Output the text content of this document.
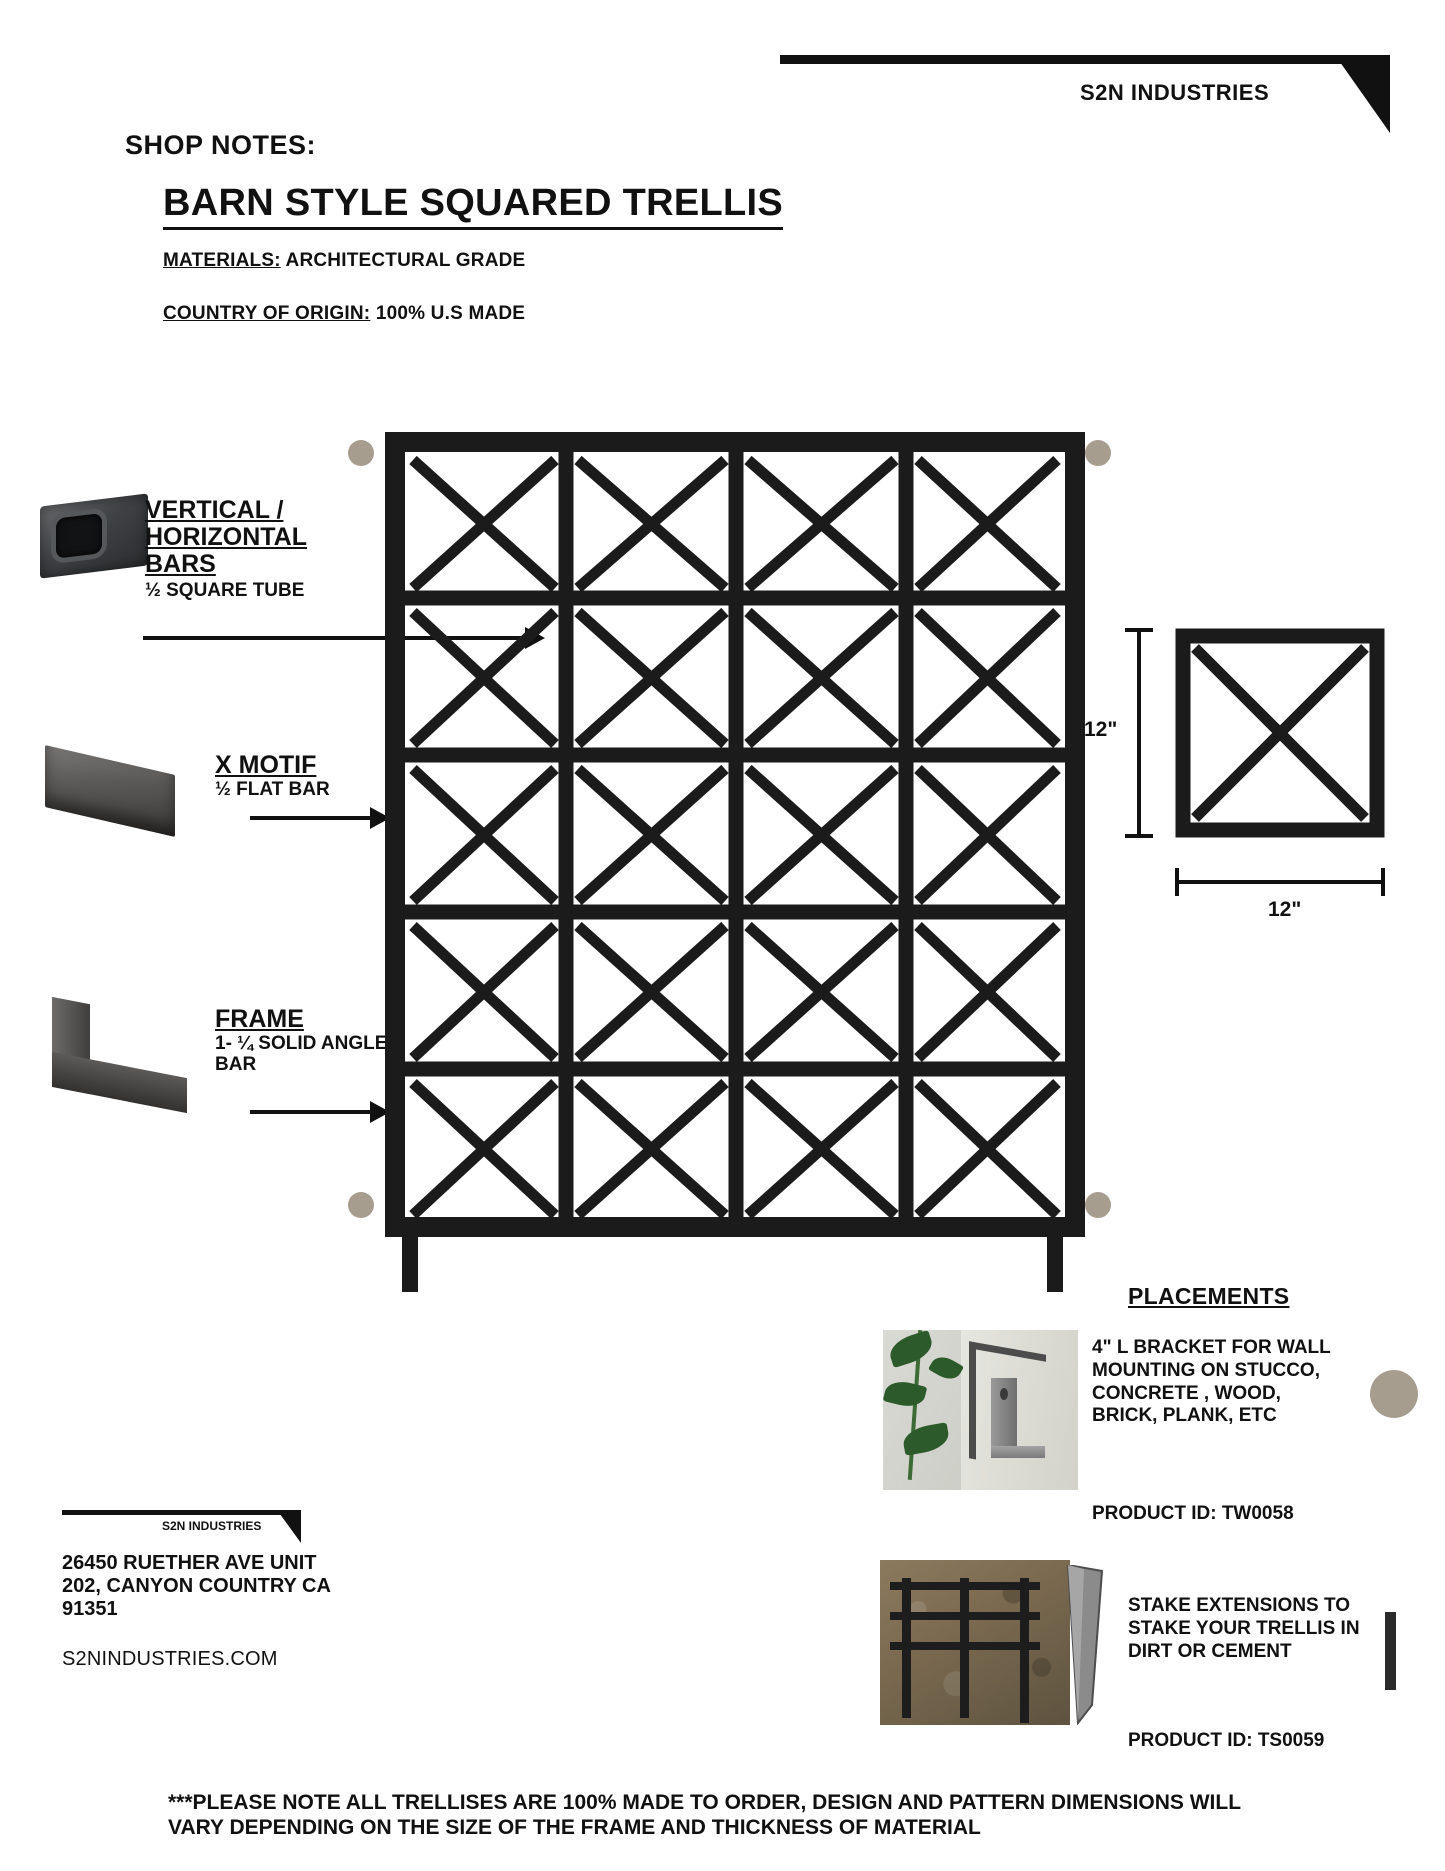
S2N INDUSTRIES
SHOP NOTES:
BARN STYLE SQUARED TRELLIS
MATERIALS: ARCHITECTURAL GRADE
COUNTRY OF ORIGIN: 100% U.S MADE
VERTICAL / HORIZONTAL BARS
½ SQUARE TUBE
X MOTIF
½ FLAT BAR
FRAME
1- ¼ SOLID ANGLE BAR
12"
12"
PLACEMENTS
4" L BRACKET FOR WALL MOUNTING ON STUCCO, CONCRETE , WOOD, BRICK, PLANK, ETC
PRODUCT ID: TW0058
STAKE EXTENSIONS TO STAKE YOUR TRELLIS IN DIRT OR CEMENT
PRODUCT ID: TS0059
S2N INDUSTRIES
26450 RUETHER AVE UNIT 202, CANYON COUNTRY CA 91351
S2NINDUSTRIES.COM
***PLEASE NOTE ALL TRELLISES ARE 100% MADE TO ORDER, DESIGN AND PATTERN DIMENSIONS WILL VARY DEPENDING ON THE SIZE OF THE FRAME AND THICKNESS OF MATERIAL
